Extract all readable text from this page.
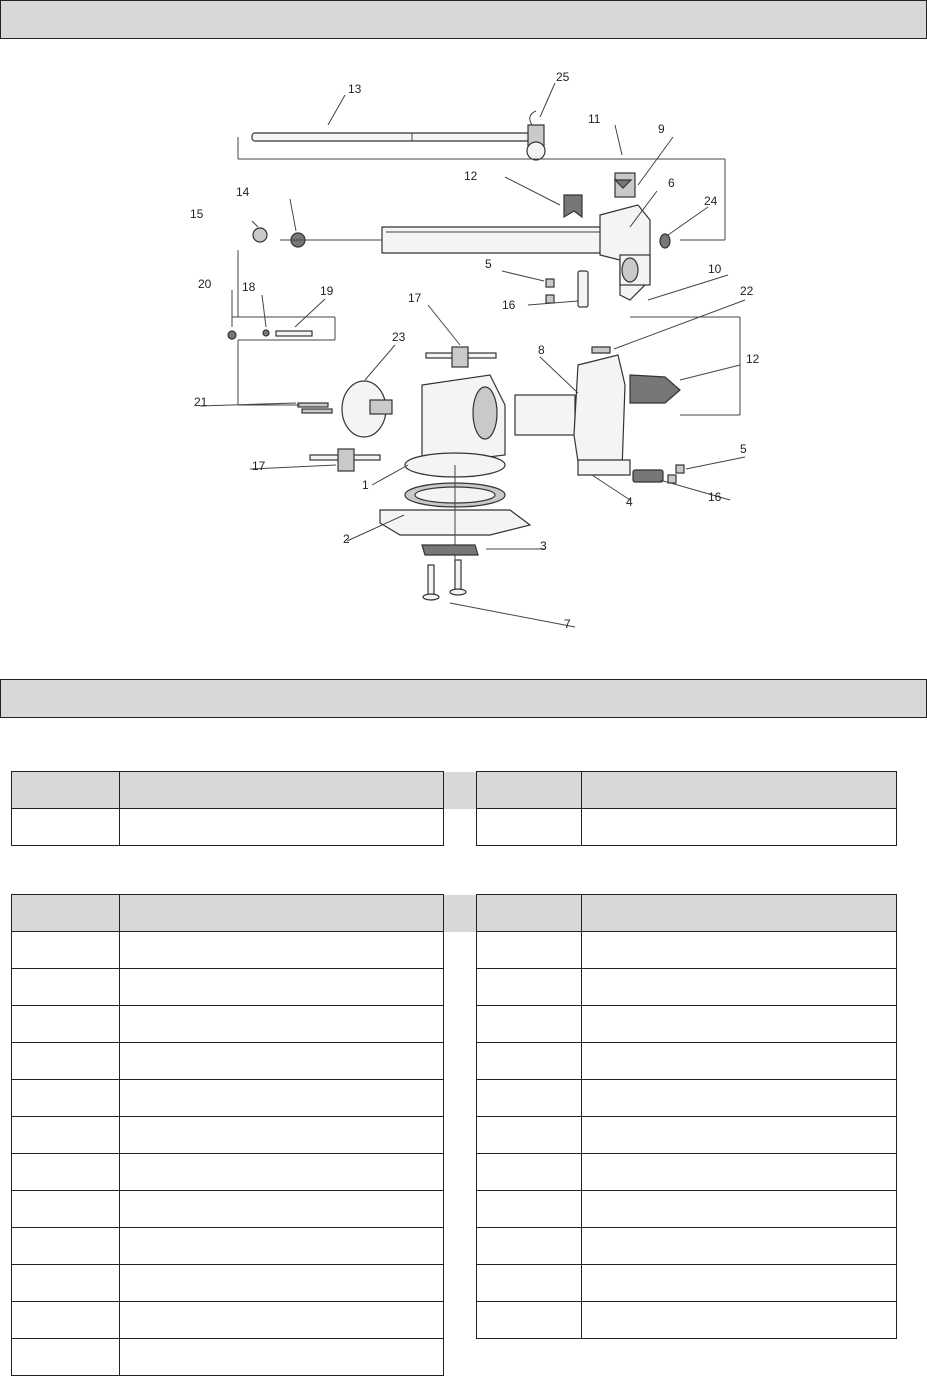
13
25
11
9
12	6
14
15
24
10
5
16
20	18	19	17	22
8
12
23
21
17
5
1
4	16
2	3
7
